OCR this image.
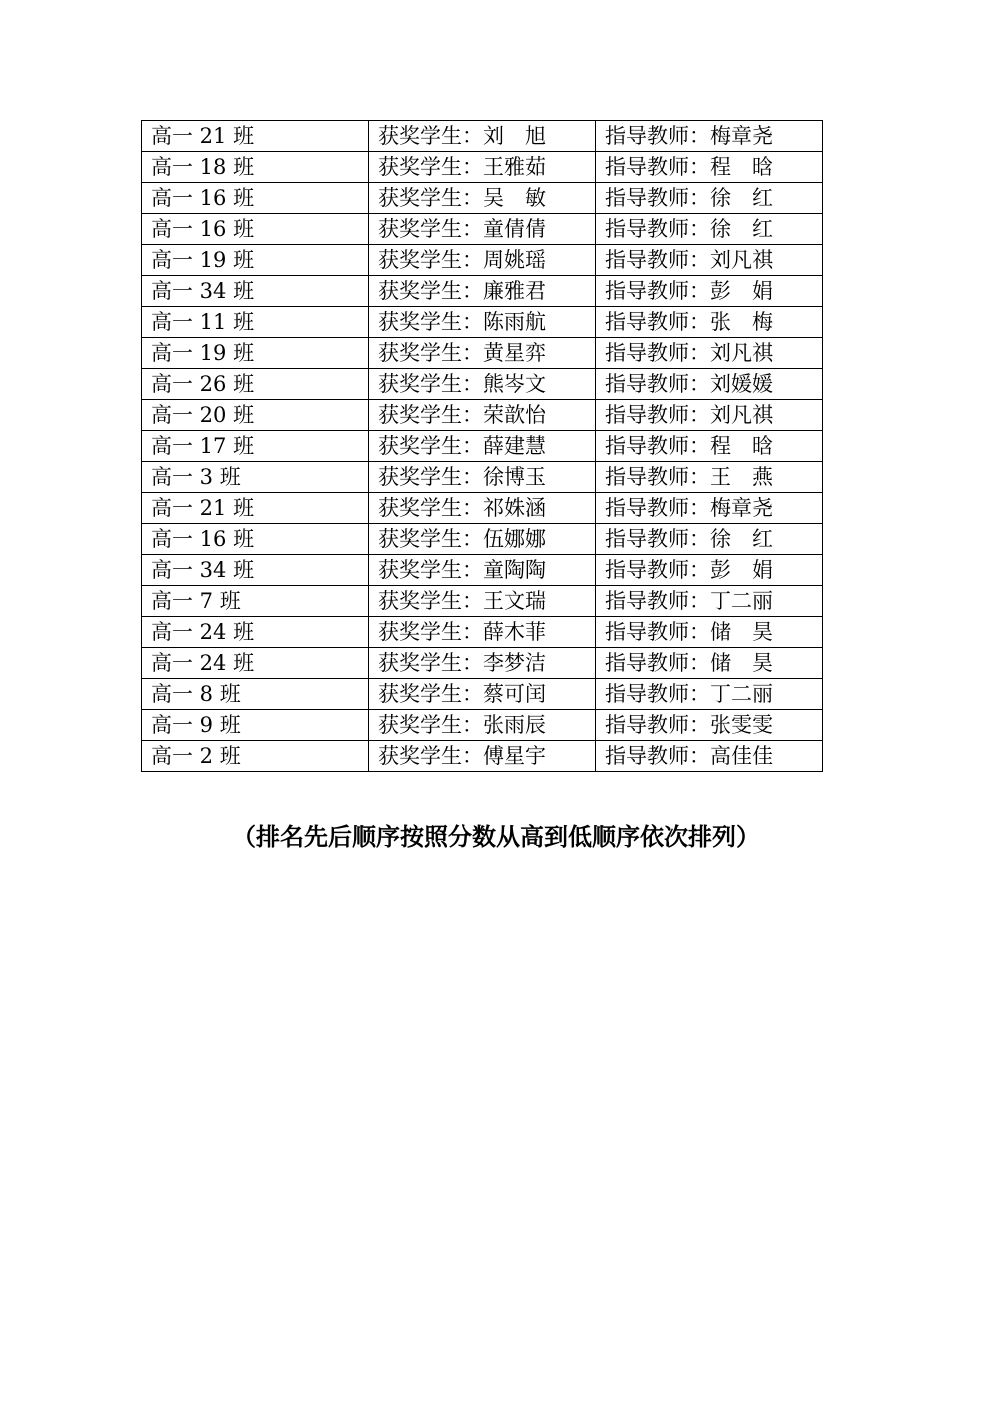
高一 21 班	获奖学生：刘　旭	指导教师：梅章尧
高一 18 班	获奖学生：王雅茹	指导教师：程　晗
高一 16 班	获奖学生：吴　敏	指导教师：徐　红
高一 16 班	获奖学生：童倩倩	指导教师：徐　红
高一 19 班	获奖学生：周姚瑶	指导教师：刘凡祺
高一 34 班	获奖学生：廉雅君	指导教师：彭　娟
高一 11 班	获奖学生：陈雨航	指导教师：张　梅
高一 19 班	获奖学生：黄星弈	指导教师：刘凡祺
高一 26 班	获奖学生：熊岑文	指导教师：刘媛媛
高一 20 班	获奖学生：荣歆怡	指导教师：刘凡祺
高一 17 班	获奖学生：薛建慧	指导教师：程　晗
高一 3 班	获奖学生：徐博玉	指导教师：王　燕
高一 21 班	获奖学生：祁姝涵	指导教师：梅章尧
高一 16 班	获奖学生：伍娜娜	指导教师：徐　红
高一 34 班	获奖学生：童陶陶	指导教师：彭　娟
高一 7 班	获奖学生：王文瑞	指导教师：丁二丽
高一 24 班	获奖学生：薛木菲	指导教师：储　昊
高一 24 班	获奖学生：李梦洁	指导教师：储　昊
高一 8 班	获奖学生：蔡可闰	指导教师：丁二丽
高一 9 班	获奖学生：张雨辰	指导教师：张雯雯
高一 2 班	获奖学生：傅星宇	指导教师：高佳佳
（排名先后顺序按照分数从高到低顺序依次排列）
